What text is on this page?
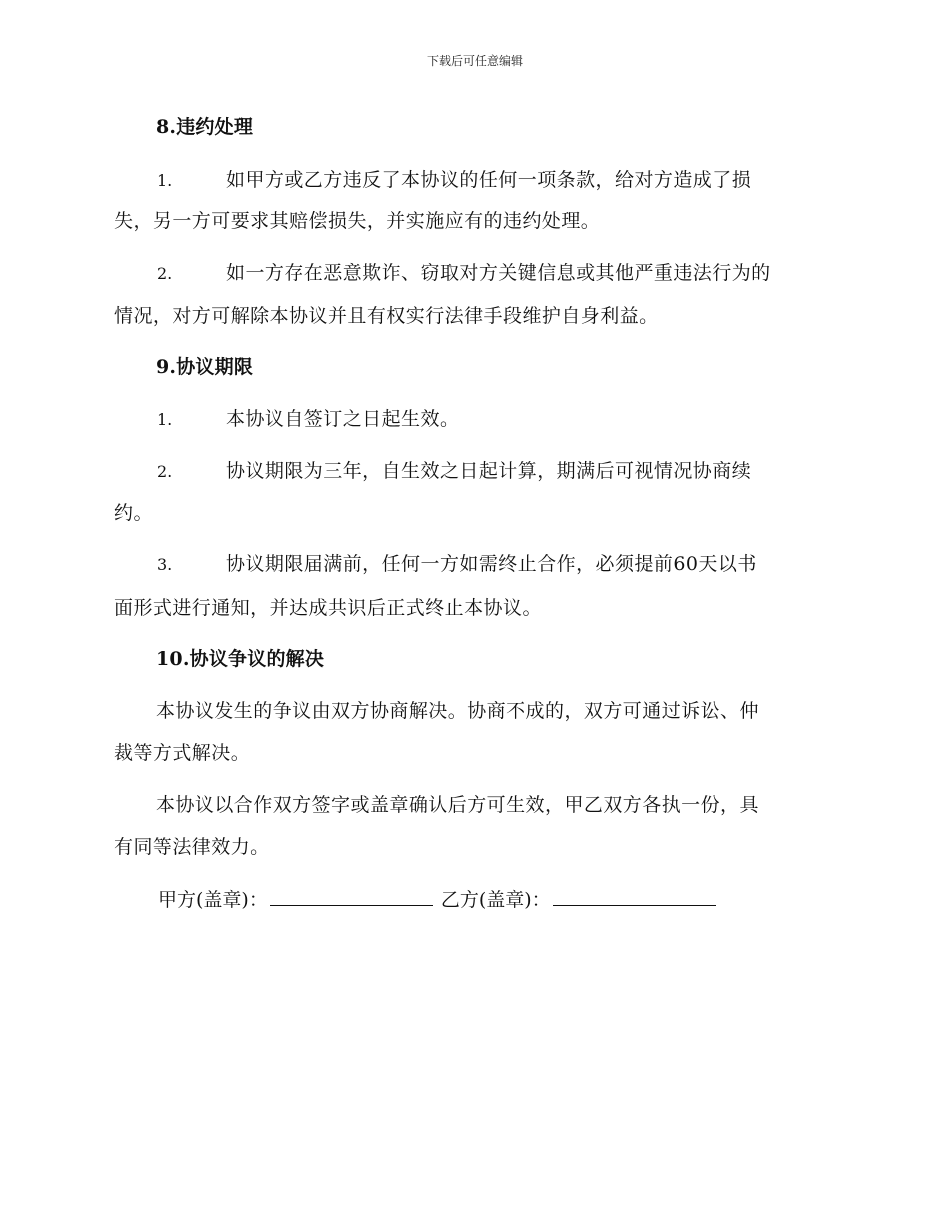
下载后可任意编辑
8.违约处理
1.	如甲方或乙方违反了本协议的任何一项条款，给对方造成了损
失，另一方可要求其赔偿损失，并实施应有的违约处理。
2.	如一方存在恶意欺诈、窃取对方关键信息或其他严重违法行为的
情况，对方可解除本协议并且有权实行法律手段维护自身利益。
9.协议期限
1.	本协议自签订之日起生效。
2.	协议期限为三年，自生效之日起计算，期满后可视情况协商续
约。
3.	协议期限届满前，任何一方如需终止合作，必须提前60天以书
面形式进行通知，并达成共识后正式终止本协议。
10.协议争议的解决
本协议发生的争议由双方协商解决。协商不成的，双方可通过诉讼、仲
裁等方式解决。
本协议以合作双方签字或盖章确认后方可生效，甲乙双方各执一份，具
有同等法律效力。
甲方(盖章)：	乙方(盖章)：
